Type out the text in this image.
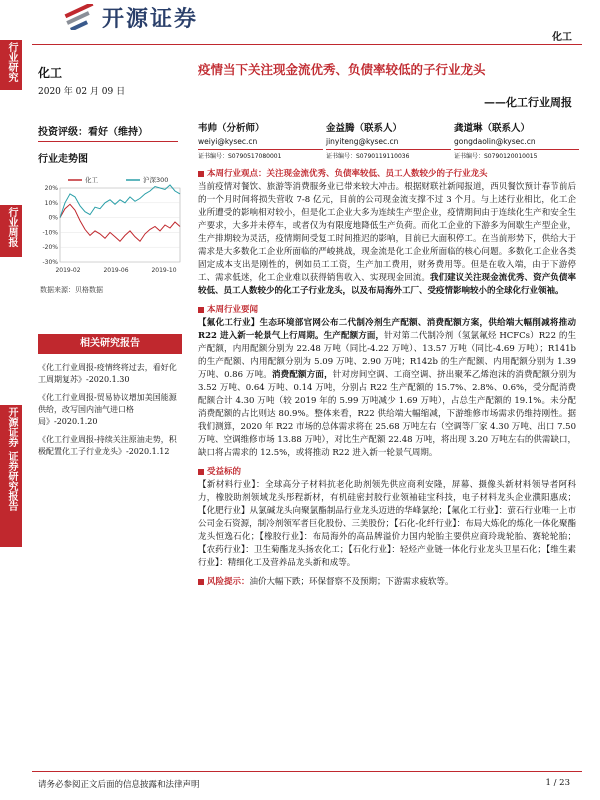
开源证券
化工
行业研究
行业周报
开源证券
证券研究报告
化工
2020 年 02 月 09 日
投资评级：看好（维持）
行业走势图
20%
10%
0%
-10%
-20%
-30%
2019-02	2019-06	2019-10
化工	沪深300
数据来源：贝格数据
相关研究报告

《化工行业周报-疫情终将过去，看好化工周期复苏》-2020.1.30

《化工行业周报-贸易协议增加美国能源供给，改写国内油气进口格局》-2020.1.20

《化工行业周报-持续关注原油走势，积极配置化工子行业龙头》-2020.1.12

疫情当下关注现金流优秀、负债率较低的子行业龙头
——化工行业周报
韦帅（分析师）
weiyi@kysec.cn
证书编号：S0790517080001
金益腾（联系人）
jinyiteng@kysec.cn
证书编号：S0790119110036
龚道琳（联系人）
gongdaolin@kysec.cn
证书编号：S0790120010015

本周行业观点：关注现金流优秀、负债率较低、员工人数较少的子行业龙头

当前疫情对餐饮、旅游等消费服务业已带来较大冲击。根据财联社新闻报道，西贝餐饮预计春节前后的一个月时间将损失营收 7-8 亿元，目前的公司现金流支撑不过 3 个月。与上述行业相比，化工企业所遭受的影响相对较小，但是化工企业大多为连续生产型企业，疫情期间由于连续化生产和安全生产要求，大多并未停车，或者仅为有限度地降低生产负荷。而化工企业的下游多为间歇生产型企业，生产排期较为灵活，疫情期间受复工时间推迟的影响，目前已大面积停工。在当前形势下，供给大于需求是大多数化工企业所面临的严峻挑战，现金流是化工企业所面临的核心问题。多数化工企业各类固定成本支出是刚性的，例如员工工资，生产加工费用，财务费用等。但是在收入端，由于下游停工、需求低迷，化工企业难以获得销售收入、实现现金回流。我们建议关注现金流优秀、资产负债率较低、员工人数较少的化工子行业龙头，以及布局海外工厂、受疫情影响较小的全球化行业领袖。

本周行业要闻

【氟化工行业】生态环境部官网公布二代制冷剂生产配额、消费配额方案，供给端大幅削减将推动 R22 进入新一轮景气上行周期。生产配额方面，针对第二代制冷剂（氢氯氟烃 HCFCs）R22 的生产配额，内用配额分别为 22.48 万吨（同比-4.22 万吨）、13.57 万吨（同比-4.69 万吨）；R141b 的生产配额、内用配额分别为 5.09 万吨、2.90 万吨；R142b 的生产配额、内用配额分别为 1.39 万吨、0.86 万吨。消费配额方面，针对房间空调、工商空调、挤出聚苯乙烯泡沫的消费配额分别为 3.52 万吨、0.64 万吨、0.14 万吨，分别占 R22 生产配额的 15.7%、2.8%、0.6%，受分配消费配额合计 4.30 万吨（较 2019 年的 5.99 万吨减少 1.69 万吨），占总生产配额的 19.1%。未分配消费配额的占比则达 80.9%。整体来看，R22 供给端大幅缩减，下游维修市场需求仍维持刚性。据我们测算，2020 年 R22 市场的总体需求将在 25.68 万吨左右（空调等厂家 4.30 万吨、出口 7.50 万吨、空调维修市场 13.88 万吨），对比生产配额 22.48 万吨，将出现 3.20 万吨左右的供需缺口，缺口将占需求的 12.5%，或将推动 R22 进入新一轮景气周期。

受益标的

【新材料行业】：全球高分子材料抗老化助剂领先供应商利安隆，屏幕、摄像头新材料领导者阿科力，橡胶助剂领域龙头彤程新材，有机硅密封胶行业领袖硅宝科技，电子材料龙头企业濮阳惠成；【化肥行业】从氯碱龙头向聚氯酯制品行业龙头迈进的华峰氯纶；【氟化工行业】：萤石行业唯一上市公司金石资源，制冷剂领军者巨化股份、三美股份；【石化-化纤行业】：布局大炼化的炼化一体化聚酯龙头恒逸石化；【橡胶行业】：布局海外的高品牌溢价力国内轮胎主要供应商玲珑轮胎、赛轮轮胎；【农药行业】：卫生菊酯龙头扬农化工；【石化行业】：轻烃产业链一体化行业龙头卫星石化；【维生素行业】：精细化工及营养品龙头新和成等。

风险提示：油价大幅下跌；环保督察不及预期；下游需求疲软等。

请务必参阅正文后面的信息披露和法律声明	1 / 23
